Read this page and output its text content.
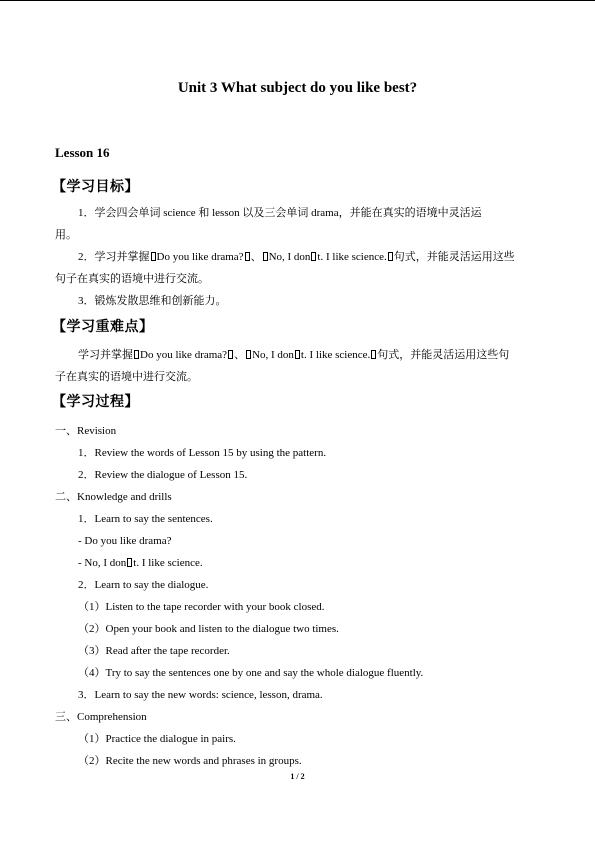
Unit 3 What subject do you like best?
Lesson 16
【学习目标】
1．学会四会单词 science 和 lesson 以及三会单词 drama，并能在真实的语境中灵活运
用。
2．学习并掌握 Do you like drama? 、 No, I don t. I like science. 句式，并能灵活运用这些
句子在真实的语境中进行交流。
3．锻炼发散思维和创新能力。
【学习重难点】
学习并掌握 Do you like drama? 、 No, I don t. I like science. 句式，并能灵活运用这些句
子在真实的语境中进行交流。
【学习过程】
一、Revision
1．Review the words of Lesson 15 by using the pattern.
2．Review the dialogue of Lesson 15.
二、Knowledge and drills
1．Learn to say the sentences.
- Do you like drama?
- No, I don t. I like science.
2．Learn to say the dialogue.
（1）Listen to the tape recorder with your book closed.
（2）Open your book and listen to the dialogue two times.
（3）Read after the tape recorder.
（4）Try to say the sentences one by one and say the whole dialogue fluently.
3．Learn to say the new words: science, lesson, drama.
三、Comprehension
（1）Practice the dialogue in pairs.
（2）Recite the new words and phrases in groups.
1 / 2
